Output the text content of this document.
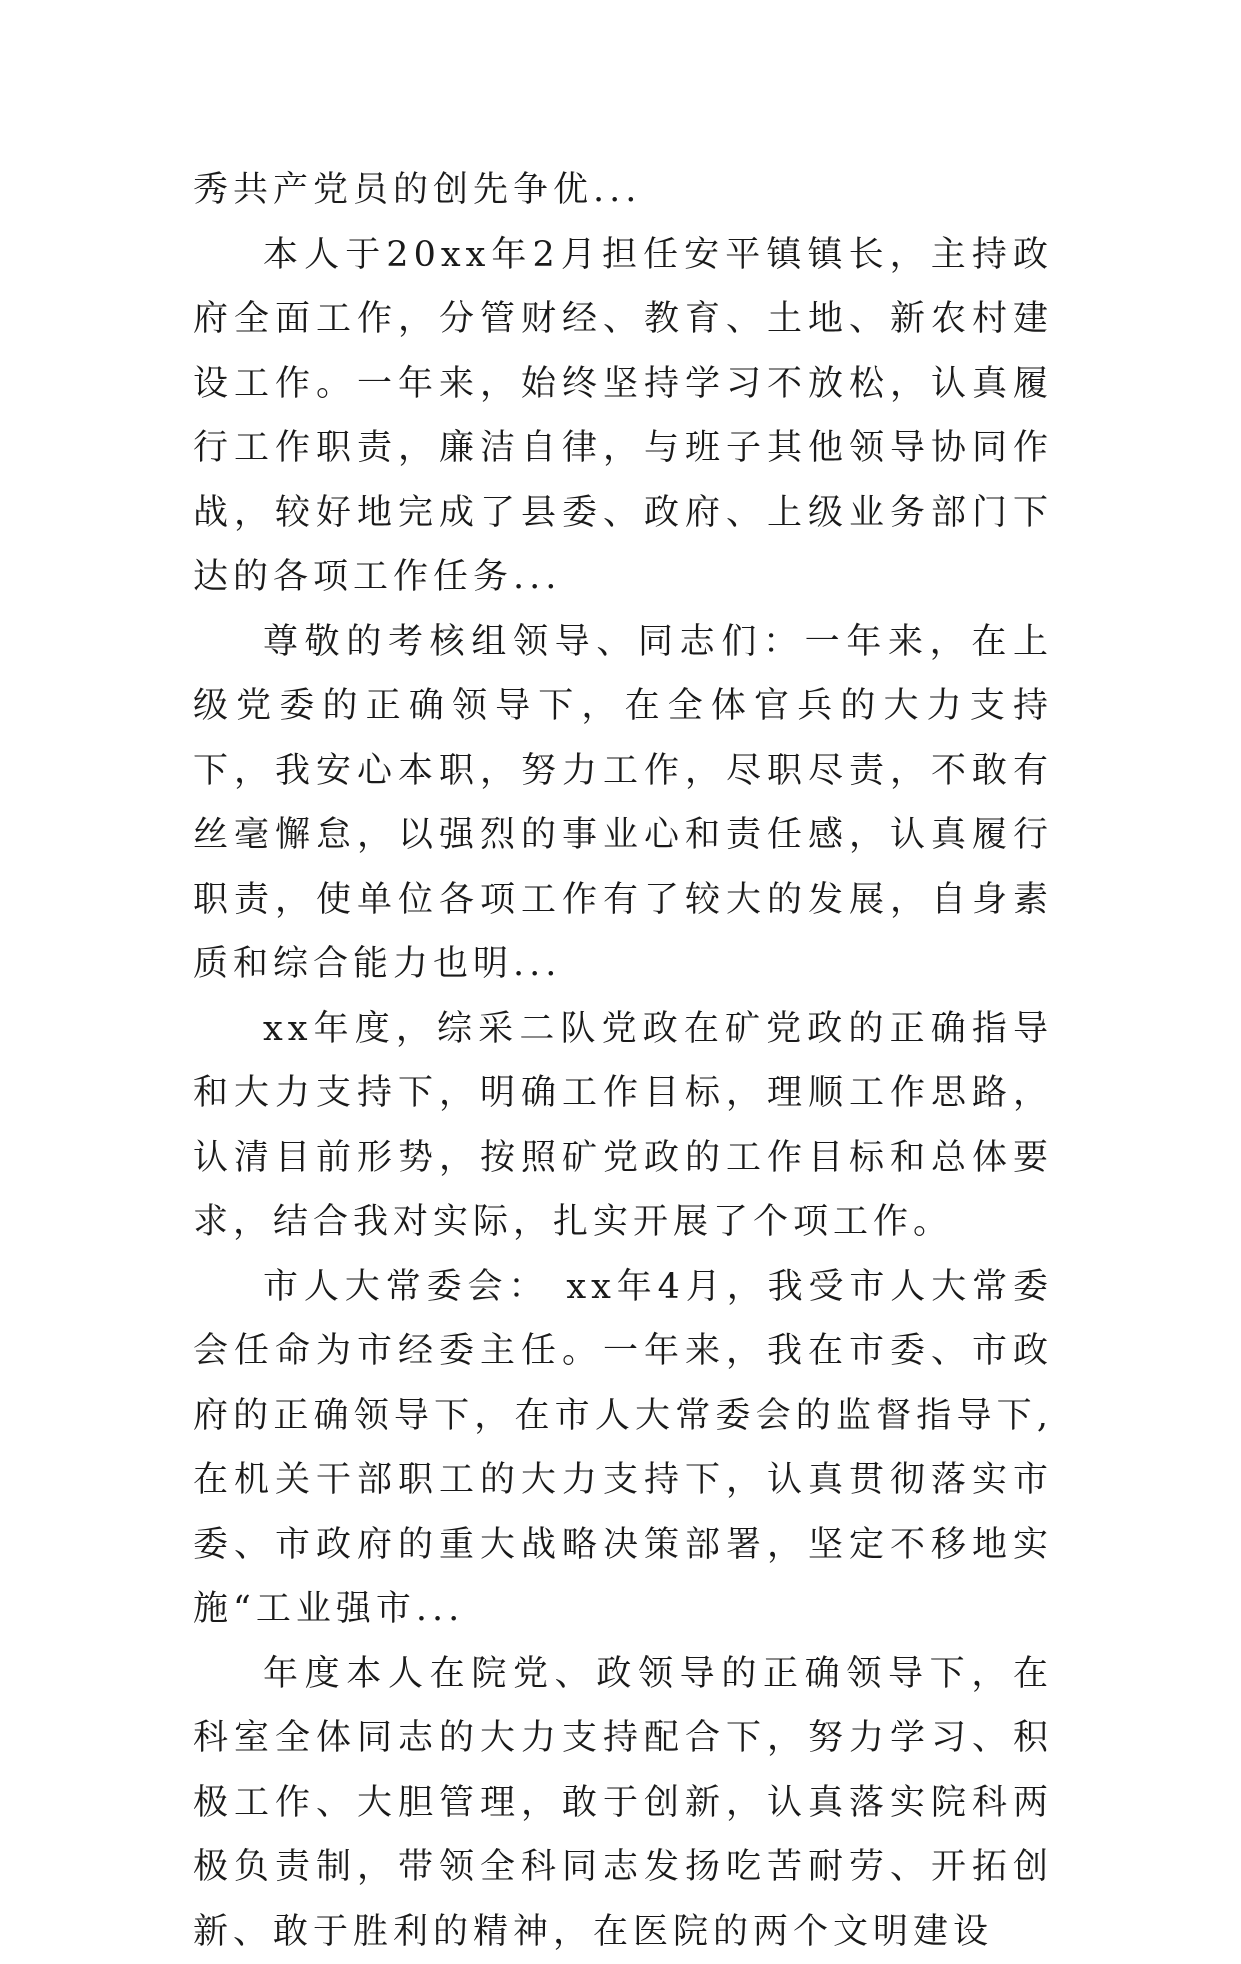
秀共产党员的创先争优...

本人于20xx年2月担任安平镇镇长，主持政府全面工作，分管财经、教育、土地、新农村建设工作。一年来，始终坚持学习不放松，认真履行工作职责，廉洁自律，与班子其他领导协同作战，较好地完成了县委、政府、上级业务部门下达的各项工作任务...

尊敬的考核组领导、同志们：一年来，在上级党委的正确领导下，在全体官兵的大力支持下，我安心本职，努力工作，尽职尽责，不敢有丝毫懈怠，以强烈的事业心和责任感，认真履行职责，使单位各项工作有了较大的发展，自身素质和综合能力也明...

xx年度，综采二队党政在矿党政的正确指导和大力支持下，明确工作目标，理顺工作思路，认清目前形势，按照矿党政的工作目标和总体要求，结合我对实际，扎实开展了个项工作。

市人大常委会： xx年4月，我受市人大常委会任命为市经委主任。一年来，我在市委、市政府的正确领导下，在市人大常委会的监督指导下,在机关干部职工的大力支持下，认真贯彻落实市委、市政府的重大战略决策部署，坚定不移地实施“工业强市...

年度本人在院党、政领导的正确领导下，在科室全体同志的大力支持配合下，努力学习、积极工作、大胆管理，敢于创新，认真落实院科两极负责制，带领全科同志发扬吃苦耐劳、开拓创新、敢于胜利的精神，在医院的两个文明建设
